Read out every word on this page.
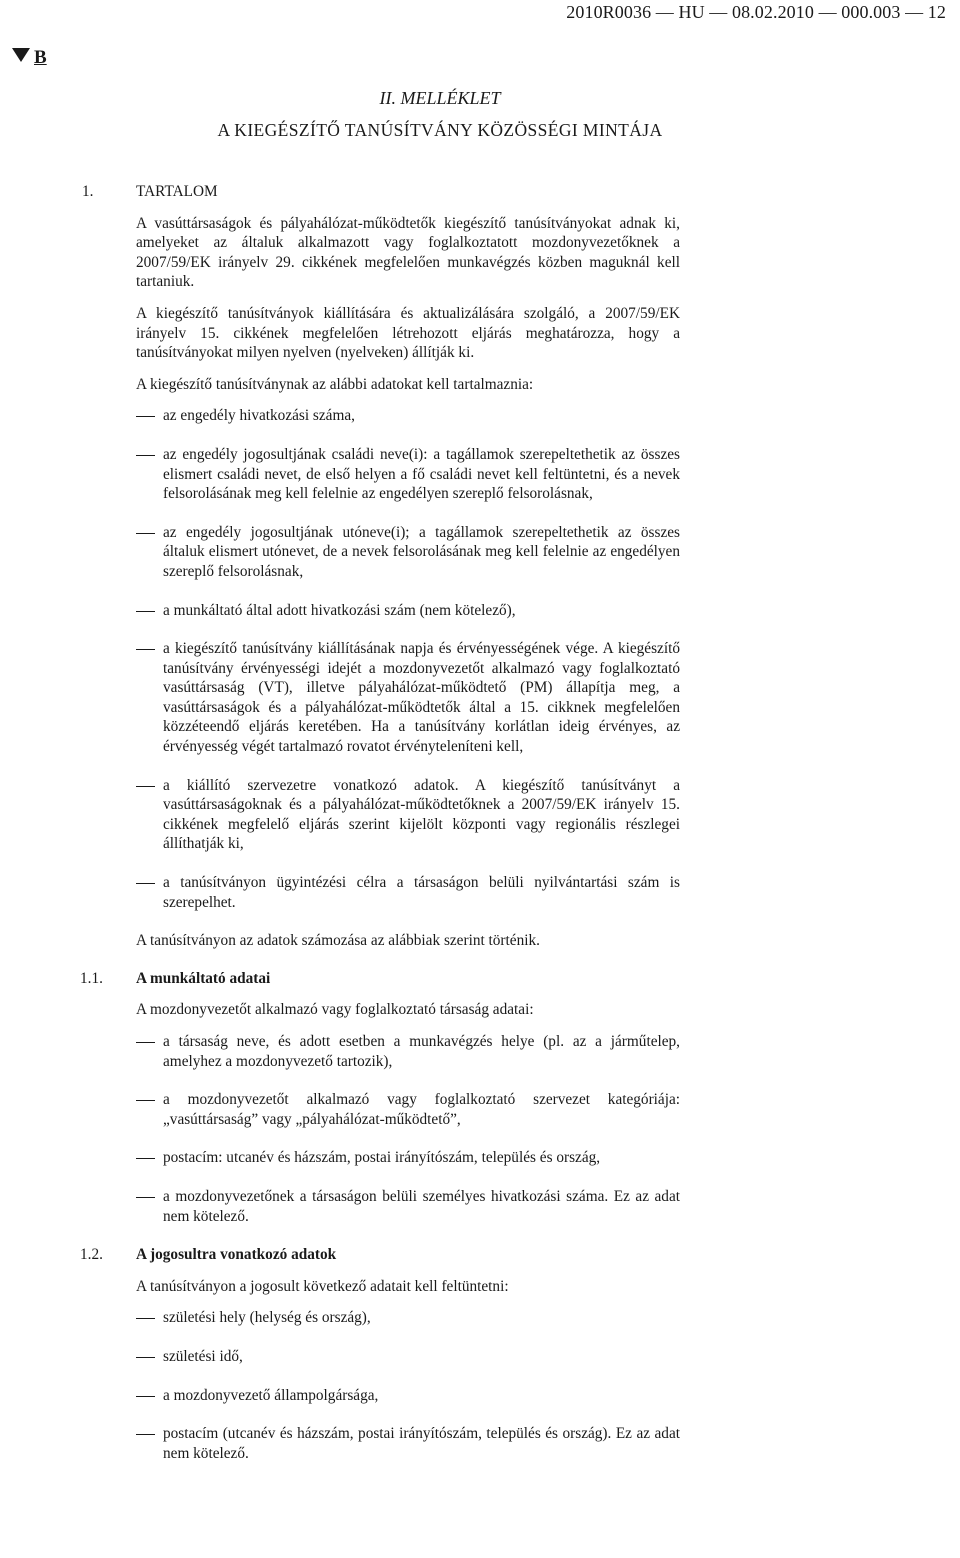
2010R0036 — HU — 08.02.2010 — 000.003 — 12
B
II. MELLÉKLET
A KIEGÉSZÍTŐ TANÚSÍTVÁNY KÖZÖSSÉGI MINTÁJA
1.	TARTALOM

A vasúttársaságok és pályahálózat-működtetők kiegészítő tanúsítványokat adnak ki, amelyeket az általuk alkalmazott vagy foglalkoztatott mozdonyvezetőknek a 2007/59/EK irányelv 29. cikkének megfelelően munkavégzés közben maguknál kell tartaniuk.

A kiegészítő tanúsítványok kiállítására és aktualizálására szolgáló, a 2007/59/EK irányelv 15. cikkének megfelelően létrehozott eljárás meghatározza, hogy a tanúsítványokat milyen nyelven (nyelveken) állítják ki.

A kiegészítő tanúsítványnak az alábbi adatokat kell tartalmaznia:

az engedély hivatkozási száma,
az engedély jogosultjának családi neve(i): a tagállamok szerepeltethetik az összes elismert családi nevet, de első helyen a fő családi nevet kell feltüntetni, és a nevek felsorolásának meg kell felelnie az engedélyen szereplő felsorolásnak,
az engedély jogosultjának utóneve(i); a tagállamok szerepeltethetik az összes általuk elismert utónevet, de a nevek felsorolásának meg kell felelnie az engedélyen szereplő felsorolásnak,
a munkáltató által adott hivatkozási szám (nem kötelező),
a kiegészítő tanúsítvány kiállításának napja és érvényességének vége. A kiegészítő tanúsítvány érvényességi idejét a mozdonyvezetőt alkalmazó vagy foglalkoztató vasúttársaság (VT), illetve pályahálózat-működtető (PM) állapítja meg, a vasúttársaságok és a pályahálózat-működtetők által a 15. cikknek megfelelően közzéteendő eljárás keretében. Ha a tanúsítvány korlátlan ideig érvényes, az érvényesség végét tartalmazó rovatot érvényteleníteni kell,
a kiállító szervezetre vonatkozó adatok. A kiegészítő tanúsítványt a vasúttársaságoknak és a pályahálózat-működtetőknek a 2007/59/EK irányelv 15. cikkének megfelelő eljárás szerint kijelölt központi vagy regionális részlegei állíthatják ki,
a tanúsítványon ügyintézési célra a társaságon belüli nyilvántartási szám is szerepelhet.

A tanúsítványon az adatok számozása az alábbiak szerint történik.

1.1. A munkáltató adatai

A mozdonyvezetőt alkalmazó vagy foglalkoztató társaság adatai:

a társaság neve, és adott esetben a munkavégzés helye (pl. az a járműtelep, amelyhez a mozdonyvezető tartozik),
a mozdonyvezetőt alkalmazó vagy foglalkoztató szervezet kategóriája: „vasúttársaság” vagy „pályahálózat-működtető”,
postacím: utcanév és házszám, postai irányítószám, település és ország,
a mozdonyvezetőnek a társaságon belüli személyes hivatkozási száma. Ez az adat nem kötelező.
1.2. A jogosultra vonatkozó adatok

A tanúsítványon a jogosult következő adatait kell feltüntetni:

születési hely (helység és ország),
születési idő,
a mozdonyvezető állampolgársága,
postacím (utcanév és házszám, postai irányítószám, település és ország). Ez az adat nem kötelező.
